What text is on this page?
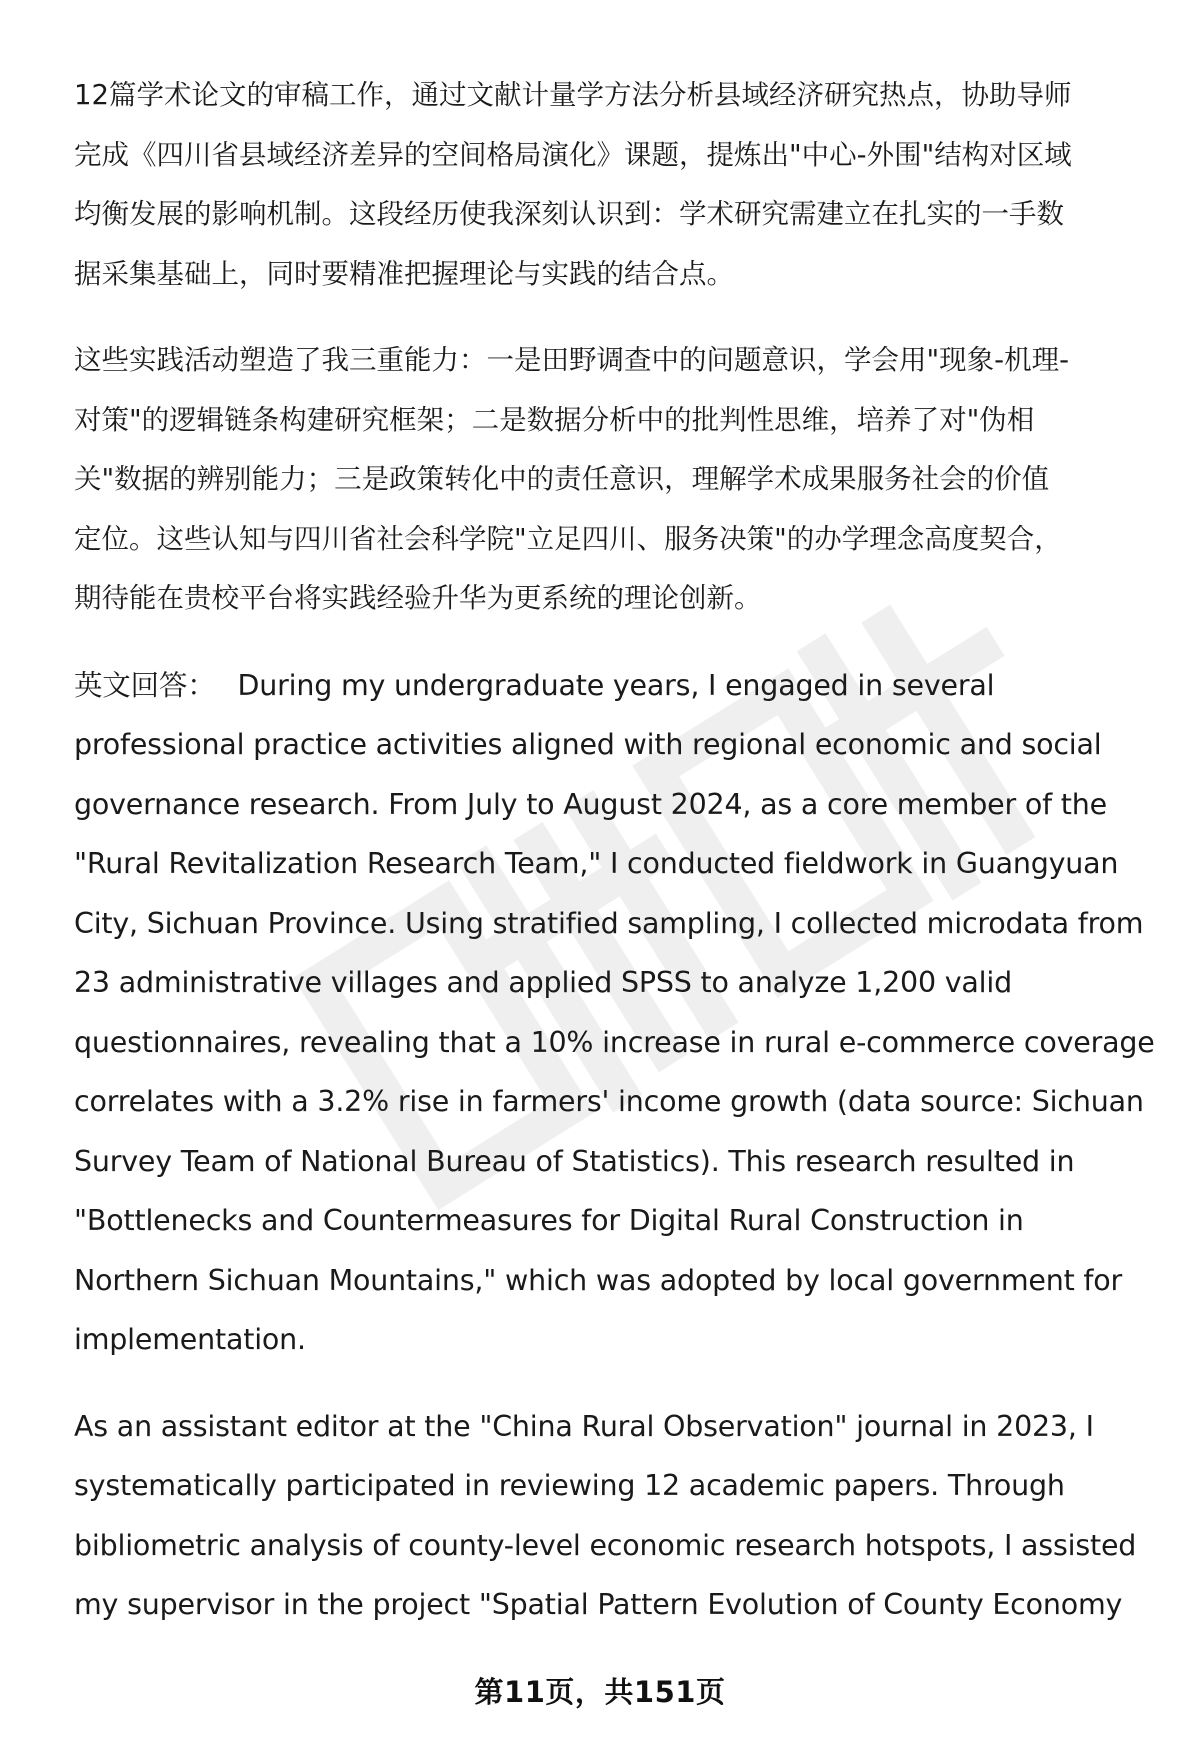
12篇学术论文的审稿工作，通过文献计量学方法分析县域经济研究热点，协助导师
完成《四川省县域经济差异的空间格局演化》课题，提炼出"中心-外围"结构对区域
均衡发展的影响机制。这段经历使我深刻认识到：学术研究需建立在扎实的一手数
据采集基础上，同时要精准把握理论与实践的结合点。

这些实践活动塑造了我三重能力：一是田野调查中的问题意识，学会用"现象-机理-
对策"的逻辑链条构建研究框架；二是数据分析中的批判性思维，培养了对"伪相
关"数据的辨别能力；三是政策转化中的责任意识，理解学术成果服务社会的价值
定位。这些认知与四川省社会科学院"立足四川、服务决策"的办学理念高度契合，
期待能在贵校平台将实践经验升华为更系统的理论创新。

英文回答： During my undergraduate years, I engaged in several
professional practice activities aligned with regional economic and social
governance research. From July to August 2024, as a core member of the
"Rural Revitalization Research Team," I conducted fieldwork in Guangyuan
City, Sichuan Province. Using stratified sampling, I collected microdata from
23 administrative villages and applied SPSS to analyze 1,200 valid
questionnaires, revealing that a 10% increase in rural e-commerce coverage
correlates with a 3.2% rise in farmers' income growth (data source: Sichuan
Survey Team of National Bureau of Statistics). This research resulted in
"Bottlenecks and Countermeasures for Digital Rural Construction in
Northern Sichuan Mountains," which was adopted by local government for
implementation.

As an assistant editor at the "China Rural Observation" journal in 2023, I
systematically participated in reviewing 12 academic papers. Through
bibliometric analysis of county-level economic research hotspots, I assisted
my supervisor in the project "Spatial Pattern Evolution of County Economy

第11页，共151页
